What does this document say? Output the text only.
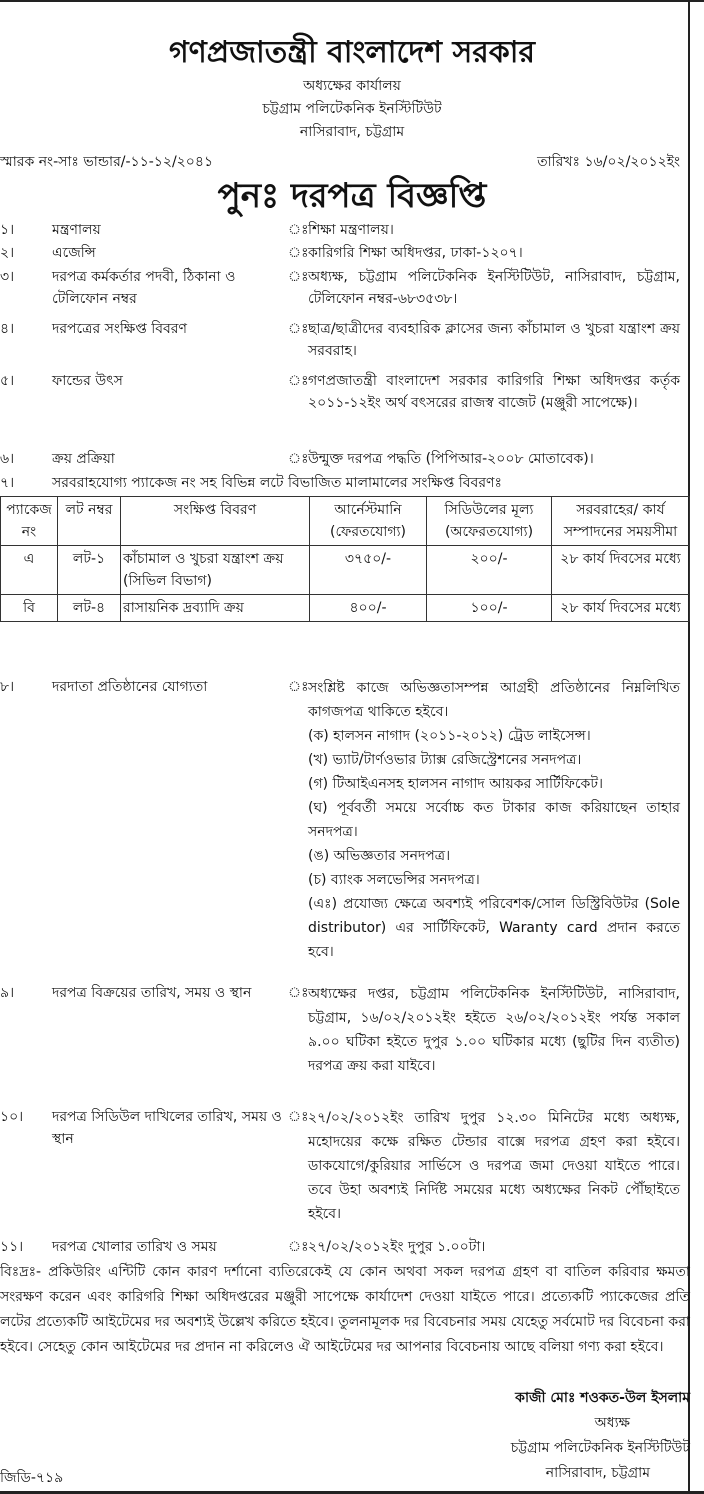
গণপ্রজাতন্ত্রী বাংলাদেশ সরকার
অধ্যক্ষের কার্যালয়
চট্টগ্রাম পলিটেকনিক ইনস্টিটিউট
নাসিরাবাদ, চট্টগ্রাম
স্মারক নং-সাঃ ভান্ডার/-১১-১২/২০৪১	তারিখঃ ১৬/০২/২০১২ইং
পুনঃ দরপত্র বিজ্ঞপ্তি
১।	মন্ত্রণালয়	ঃ শিক্ষা মন্ত্রণালয়।
২।	এজেন্সি	ঃ কারিগরি শিক্ষা অধিদপ্তর, ঢাকা-১২০৭।
৩।	দরপত্র কর্মকর্তার পদবী, ঠিকানা ও টেলিফোন নম্বর
ঃ অধ্যক্ষ, চট্টগ্রাম পলিটেকনিক ইনস্টিটিউট, নাসিরাবাদ, চট্টগ্রাম, টেলিফোন নম্বর-৬৮৩৫৩৮।
৪।	দরপত্রের সংক্ষিপ্ত বিবরণ	ঃ ছাত্র/ছাত্রীদের ব্যবহারিক ক্লাসের জন্য কাঁচামাল ও খুচরা যন্ত্রাংশ ক্রয় সরবরাহ।
৫।	ফান্ডের উৎস	ঃ গণপ্রজাতন্ত্রী বাংলাদেশ সরকার কারিগরি শিক্ষা অধিদপ্তর কর্তৃক ২০১১-১২ইং অর্থ বৎসরের রাজস্ব বাজেট (মঞ্জুরী সাপেক্ষে)।
৬।	ক্রয় প্রক্রিয়া	ঃ উন্মুক্ত দরপত্র পদ্ধতি (পিপিআর-২০০৮ মোতাবেক)।
৭।	সরবরাহযোগ্য প্যাকেজ নং সহ বিভিন্ন লটে বিভাজিত মালামালের সংক্ষিপ্ত বিবরণঃ
প্যাকেজ নং	লট নম্বর	সংক্ষিপ্ত বিবরণ	আর্নেস্টমানি (ফেরতযোগ্য)	সিডিউলের মূল্য (অফেরতযোগ্য)	সরবরাহের/ কার্য সম্পাদনের সময়সীমা
এ	লট-১	কাঁচামাল ও খুচরা যন্ত্রাংশ ক্রয় (সিভিল বিভাগ)	৩৭৫০/-	২০০/-	২৮ কার্য দিবসের মধ্যে
বি	লট-৪	রাসায়নিক দ্রব্যাদি ক্রয়	৪০০/-	১০০/-	২৮ কার্য দিবসের মধ্যে
৮।	দরদাতা প্রতিষ্ঠানের যোগ্যতা	ঃ সংশ্লিষ্ট কাজে অভিজ্ঞতাসম্পন্ন আগ্রহী প্রতিষ্ঠানের নিম্নলিখিত কাগজপত্র থাকিতে হইবে।
(ক) হালসন নাগাদ (২০১১-২০১২) ট্রেড লাইসেন্স।
(খ) ভ্যাট/টার্ণওভার ট্যাক্স রেজিস্ট্রেশনের সনদপত্র।
(গ) টিআইএনসহ হালসন নাগাদ আয়কর সার্টিফিকেট।
(ঘ) পূর্ববর্তী সময়ে সর্বোচ্চ কত টাকার কাজ করিয়াছেন তাহার সনদপত্র।
(ঙ) অভিজ্ঞতার সনদপত্র।
(চ) ব্যাংক সলভেন্সির সনদপত্র।
(এঃ) প্রযোজ্য ক্ষেত্রে অবশ্যই পরিবেশক/সোল ডিস্ট্রিবিউটর (Sole distributor) এর সার্টিফিকেট, Waranty card প্রদান করতে হবে।
৯।	দরপত্র বিক্রয়ের তারিখ, সময় ও স্থান	ঃ অধ্যক্ষের দপ্তর, চট্টগ্রাম পলিটেকনিক ইনস্টিটিউট, নাসিরাবাদ, চট্টগ্রাম, ১৬/০২/২০১২ইং হইতে ২৬/০২/২০১২ইং পর্যন্ত সকাল ৯.০০ ঘটিকা হইতে দুপুর ১.০০ ঘটিকার মধ্যে (ছুটির দিন ব্যতীত) দরপত্র ক্রয় করা যাইবে।
১০।	দরপত্র সিডিউল দাখিলের তারিখ, সময় ও স্থান
ঃ ২৭/০২/২০১২ইং তারিখ দুপুর ১২.৩০ মিনিটের মধ্যে অধ্যক্ষ, মহোদয়ের কক্ষে রক্ষিত টেন্ডার বাক্সে দরপত্র গ্রহণ করা হইবে। ডাকযোগে/কুরিয়ার সার্ভিসে ও দরপত্র জমা দেওয়া যাইতে পারে। তবে উহা অবশ্যই নির্দিষ্ট সময়ের মধ্যে অধ্যক্ষের নিকট পৌঁছাইতে হইবে।
১১।	দরপত্র খোলার তারিখ ও সময়	ঃ ২৭/০২/২০১২ইং দুপুর ১.০০টা।
বিঃদ্রঃ- প্রকিউরিং এন্টিটি কোন কারণ দর্শানো ব্যতিরেকেই যে কোন অথবা সকল দরপত্র গ্রহণ বা বাতিল করিবার ক্ষমতা সংরক্ষণ করেন এবং কারিগরি শিক্ষা অধিদপ্তরের মঞ্জুরী সাপেক্ষে কার্যাদেশ দেওয়া যাইতে পারে। প্রত্যেকটি প্যাকেজের প্রতি লটের প্রত্যেকটি আইটেমের দর অবশ্যই উল্লেখ করিতে হইবে। তুলনামূলক দর বিবেচনার সময় যেহেতু সর্বমোট দর বিবেচনা করা হইবে। সেহেতু কোন আইটেমের দর প্রদান না করিলেও ঐ আইটেমের দর আপনার বিবেচনায় আছে বলিয়া গণ্য করা হইবে।
কাজী মোঃ শওকত-উল ইসলাম
অধ্যক্ষ
চট্টগ্রাম পলিটেকনিক ইনস্টিটিউট
নাসিরাবাদ, চট্টগ্রাম
জিডি-৭১৯
